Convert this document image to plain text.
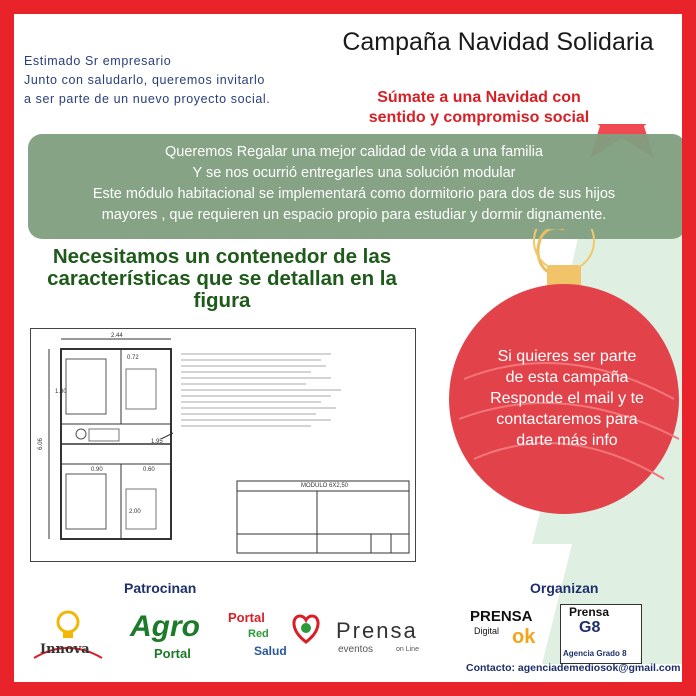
Campaña Navidad Solidaria
Estimado Sr empresario
Junto con saludarlo, queremos invitarlo
a ser parte de un nuevo proyecto social.	Súmate a una Navidad con
sentido y compromiso social
Queremos Regalar una mejor calidad de vida a una familia
Y se nos ocurrió entregarles una solución modular
Este módulo habitacional se implementará como dormitorio para dos de sus hijos
mayores , que requieren un espacio propio para estudiar y dormir dignamente.
Necesitamos un contenedor de las
características que se detallan en la
figura
2.44
6.06
0.72
1.80
2.00
0.60
0.90
1.95
MODULO 6X2,50
Si quieres ser parte
de esta campaña
Responde el mail y te
contactaremos para
darte más info
Patrocinan	Organizan
Innova
Agro
Portal
Portal
Red
Salud
Prensa
eventos	on Line
PRENSA
Digital ok
Prensa
G8
Agencia Grado 8
Contacto: agenciademediosok@gmail.com
